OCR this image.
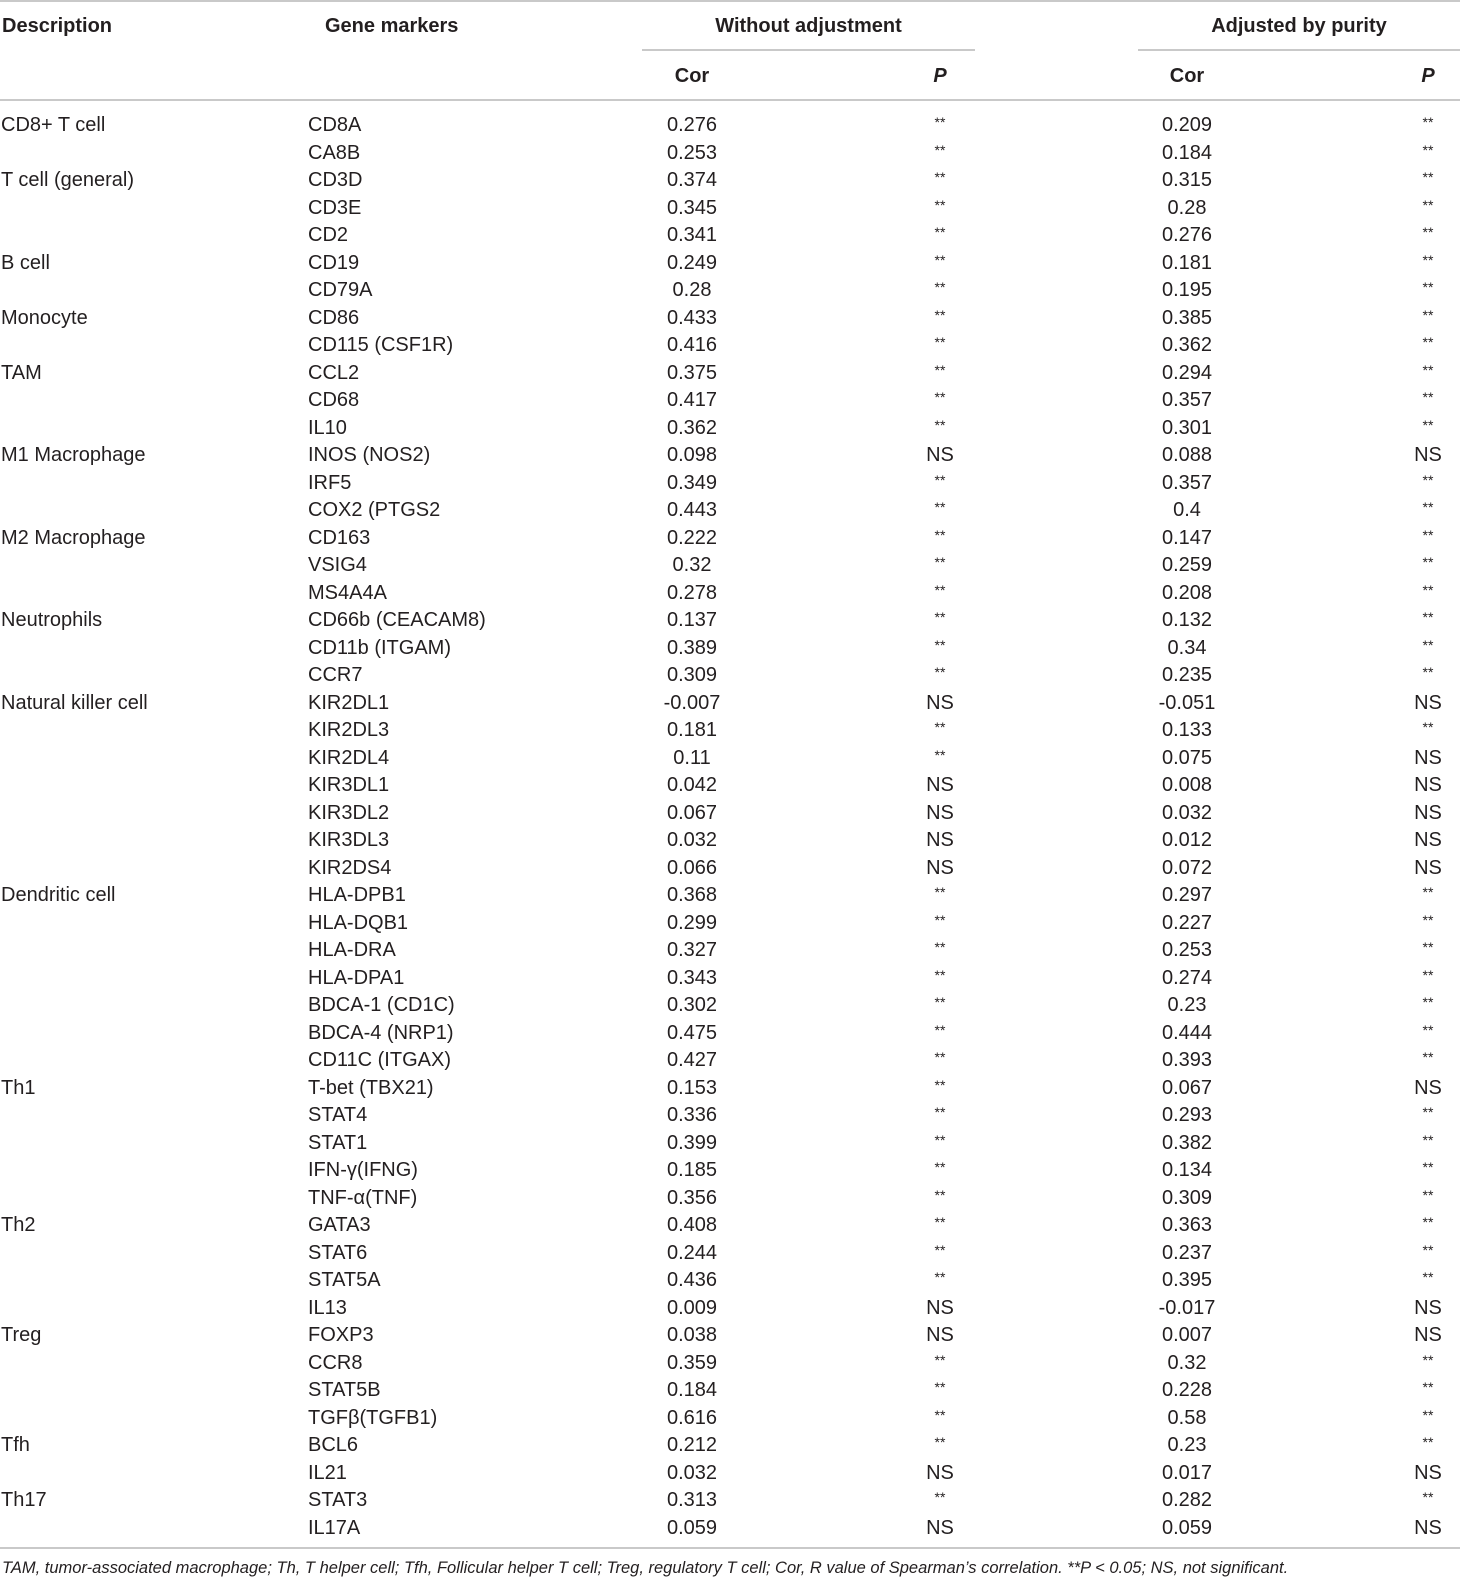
Description	Gene markers	Without adjustment	Adjusted by purity
Cor	P	Cor	P
CD8+ T cell	CD8A	0.276	**	0.209	**
CA8B	0.253	**	0.184	**
T cell (general)	CD3D	0.374	**	0.315	**
CD3E	0.345	**	0.28	**
CD2	0.341	**	0.276	**
B cell	CD19	0.249	**	0.181	**
CD79A	0.28	**	0.195	**
Monocyte	CD86	0.433	**	0.385	**
CD115 (CSF1R)	0.416	**	0.362	**
TAM	CCL2	0.375	**	0.294	**
CD68	0.417	**	0.357	**
IL10	0.362	**	0.301	**
M1 Macrophage	INOS (NOS2)	0.098	NS	0.088	NS
IRF5	0.349	**	0.357	**
COX2 (PTGS2	0.443	**	0.4	**
M2 Macrophage	CD163	0.222	**	0.147	**
VSIG4	0.32	**	0.259	**
MS4A4A	0.278	**	0.208	**
Neutrophils	CD66b (CEACAM8)	0.137	**	0.132	**
CD11b (ITGAM)	0.389	**	0.34	**
CCR7	0.309	**	0.235	**
Natural killer cell	KIR2DL1	-0.007	NS	-0.051	NS
KIR2DL3	0.181	**	0.133	**
KIR2DL4	0.11	**	0.075	NS
KIR3DL1	0.042	NS	0.008	NS
KIR3DL2	0.067	NS	0.032	NS
KIR3DL3	0.032	NS	0.012	NS
KIR2DS4	0.066	NS	0.072	NS
Dendritic cell	HLA-DPB1	0.368	**	0.297	**
HLA-DQB1	0.299	**	0.227	**
HLA-DRA	0.327	**	0.253	**
HLA-DPA1	0.343	**	0.274	**
BDCA-1 (CD1C)	0.302	**	0.23	**
BDCA-4 (NRP1)	0.475	**	0.444	**
CD11C (ITGAX)	0.427	**	0.393	**
Th1	T-bet (TBX21)	0.153	**	0.067	NS
STAT4	0.336	**	0.293	**
STAT1	0.399	**	0.382	**
IFN-γ(IFNG)	0.185	**	0.134	**
TNF-α(TNF)	0.356	**	0.309	**
Th2	GATA3	0.408	**	0.363	**
STAT6	0.244	**	0.237	**
STAT5A	0.436	**	0.395	**
IL13	0.009	NS	-0.017	NS
Treg	FOXP3	0.038	NS	0.007	NS
CCR8	0.359	**	0.32	**
STAT5B	0.184	**	0.228	**
TGFβ(TGFB1)	0.616	**	0.58	**
Tfh	BCL6	0.212	**	0.23	**
IL21	0.032	NS	0.017	NS
Th17	STAT3	0.313	**	0.282	**
IL17A	0.059	NS	0.059	NS
TAM, tumor-associated macrophage; Th, T helper cell; Tfh, Follicular helper T cell; Treg, regulatory T cell; Cor, R value of Spearman’s correlation. **P < 0.05; NS, not significant.
